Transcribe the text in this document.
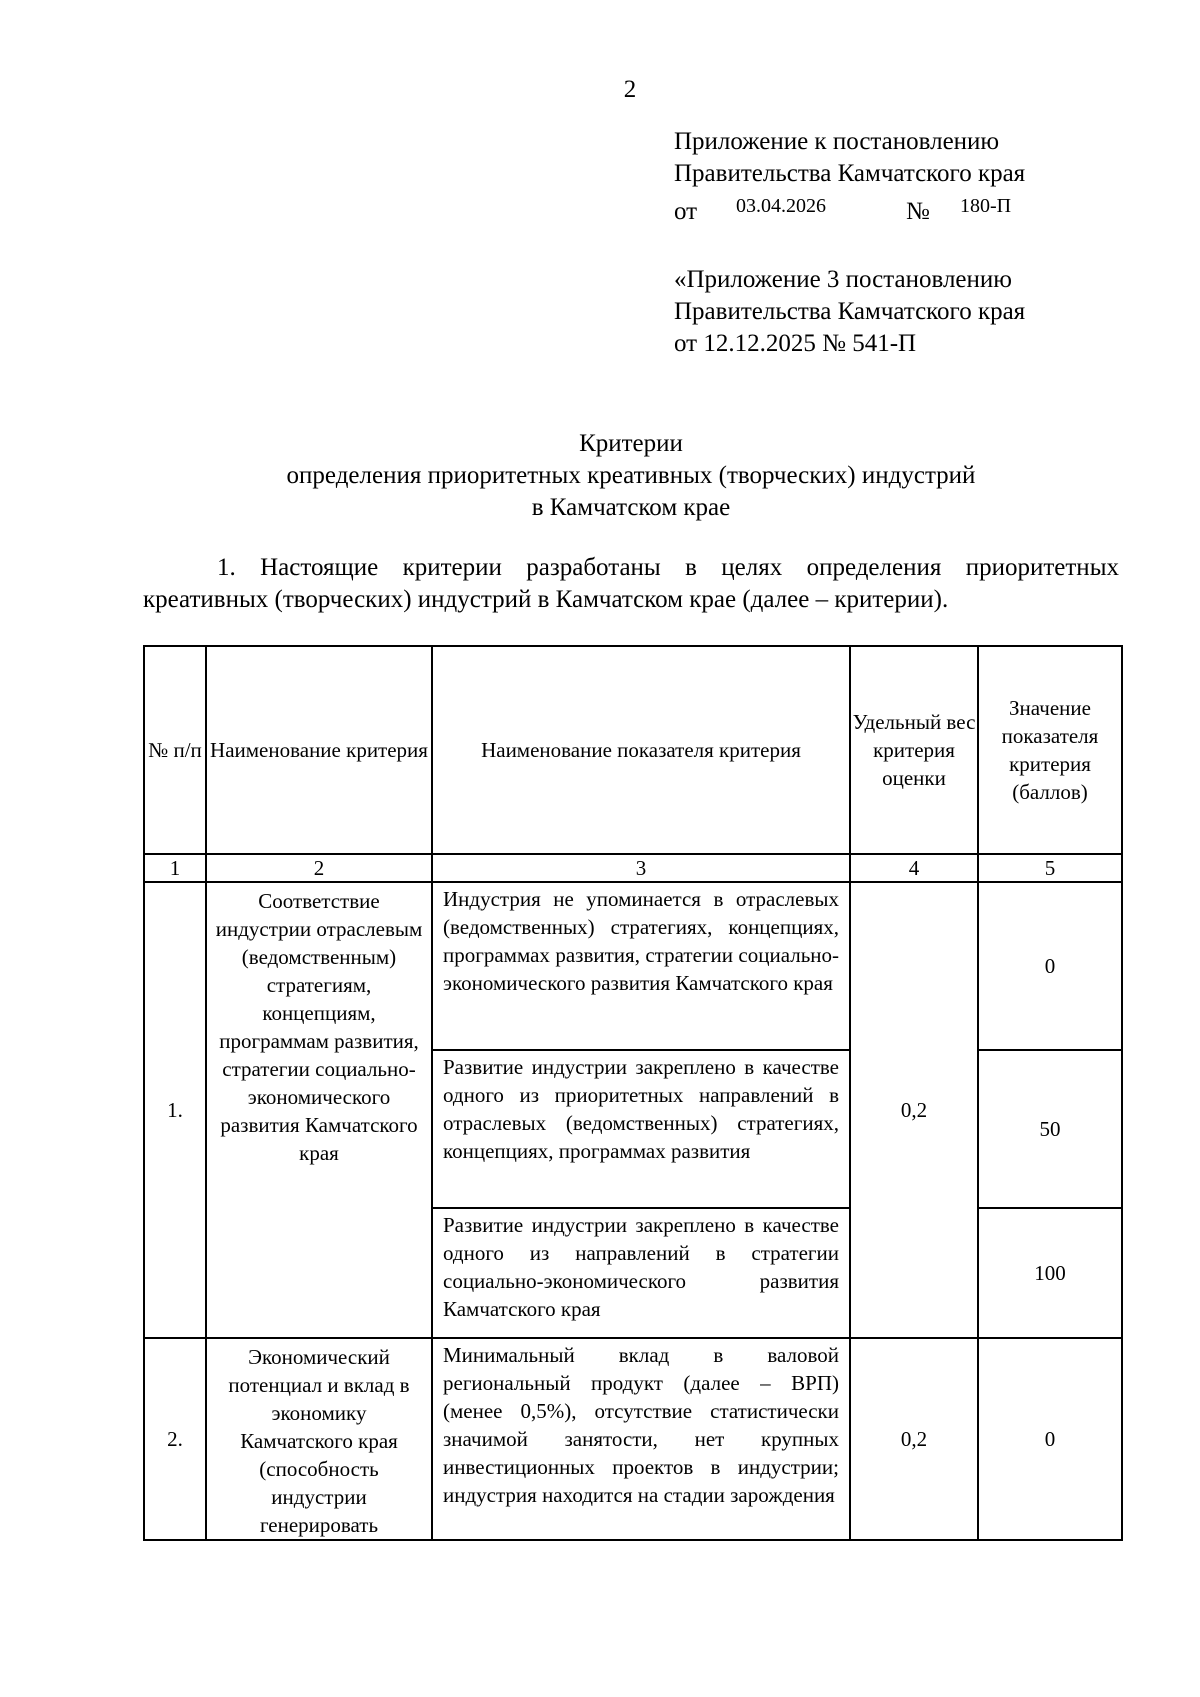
2
Приложение к постановлению
Правительства Камчатского края
от 03.04.2026	№ 180-П
«Приложение 3 постановлению
Правительства Камчатского края
от 12.12.2025 № 541-П
Критерии
определения приоритетных креативных (творческих) индустрий
в Камчатском крае
1. Настоящие критерии разработаны в целях определения приоритетных креативных (творческих) индустрий в Камчатском крае (далее – критерии).
№ п/п	Наименование критерия	Наименование показателя критерия	Удельный вес критерия оценки	Значение показателя критерия (баллов)
1	2	3	4	5
1.	Соответствие индустрии отраслевым (ведомственным) стратегиям, концепциям, программам развития, стратегии социально-экономического развития Камчатского края	Индустрия не упоминается в отраслевых (ведомственных) стратегиях, концепциях, программах развития, стратегии социально-экономического развития Камчатского края	0,2	0
		Развитие индустрии закреплено в качестве одного из приоритетных направлений в отраслевых (ведомственных) стратегиях, концепциях, программах развития		50
		Развитие индустрии закреплено в качестве одного из направлений в стратегии социально-экономического развития Камчатского края		100
2.	Экономический потенциал и вклад в экономику Камчатского края (способность индустрии генерировать	Минимальный вклад в валовой региональный продукт (далее – ВРП) (менее 0,5%), отсутствие статистически значимой занятости, нет крупных инвестиционных проектов в индустрии; индустрия находится на стадии зарождения	0,2	0
